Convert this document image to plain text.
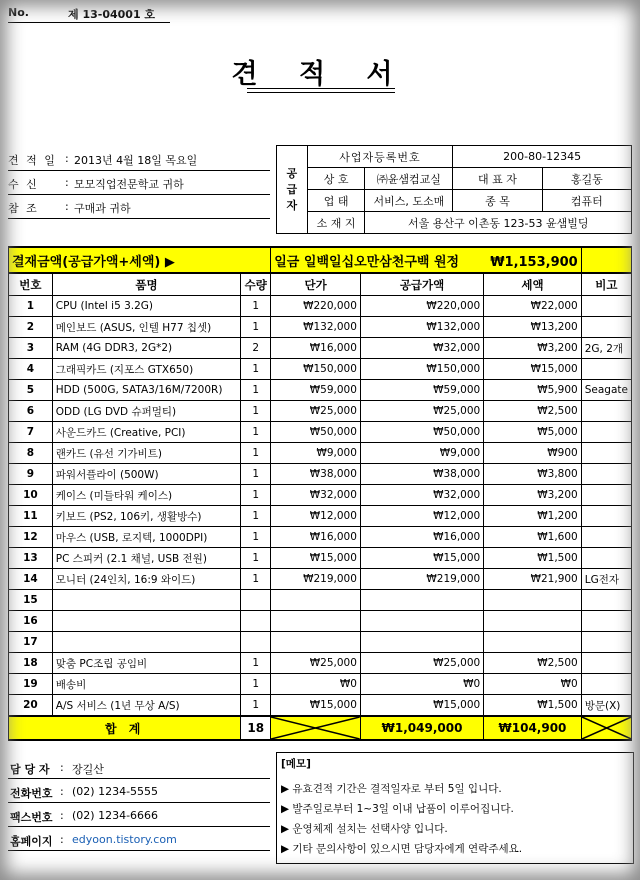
No.	제 13-04001 호
견 적 서
견 적 일 : 2013년 4월 18일 목요일
수 신	: 모모직업전문학교 귀하
참 조	: 구매과 귀하
공
급
자	사업자등록번호		200-80-12345	
	상 호	㈜윤샘컴교실	대 표 자	홍길동
	업 태	서비스, 도소매	종 목	컴퓨터
	소 재 지	서울 용산구 이촌동 123-53 윤샘빌딩		
결재금액(공급가액+세액) ▶			일금 일백일십오만삼천구백 원정 ₩1,153,900			
번호	품명	수량	단가	공급가액	세액	비고
1	CPU (Intel i5 3.2G)	1	₩220,000	₩220,000	₩22,000	
2	메인보드 (ASUS, 인텔 H77 칩셋)	1	₩132,000	₩132,000	₩13,200	
3	RAM (4G DDR3, 2G*2)	2	₩16,000	₩32,000	₩3,200	2G, 2개
4	그래픽카드 (지포스 GTX650)	1	₩150,000	₩150,000	₩15,000	
5	HDD (500G, SATA3/16M/7200R)	1	₩59,000	₩59,000	₩5,900	Seagate
6	ODD (LG DVD 슈퍼멀티)	1	₩25,000	₩25,000	₩2,500	
7	사운드카드 (Creative, PCI)	1	₩50,000	₩50,000	₩5,000	
8	랜카드 (유선 기가비트)	1	₩9,000	₩9,000	₩900	
9	파워서플라이 (500W)	1	₩38,000	₩38,000	₩3,800	
10	케이스 (미들타워 케이스)	1	₩32,000	₩32,000	₩3,200	
11	키보드 (PS2, 106키, 생활방수)	1	₩12,000	₩12,000	₩1,200	
12	마우스 (USB, 로지텍, 1000DPI)	1	₩16,000	₩16,000	₩1,600	
13	PC 스피커 (2.1 채널, USB 전원)	1	₩15,000	₩15,000	₩1,500	
14	모니터 (24인치, 16:9 와이드)	1	₩219,000	₩219,000	₩21,900	LG전자
15						
16						
17						
18	맞춤 PC조립 공임비	1	₩25,000	₩25,000	₩2,500	
19	배송비	1	₩0	₩0	₩0	
20	A/S 서비스 (1년 무상 A/S)	1	₩15,000	₩15,000	₩1,500	방문(X)
합 계		18		₩1,049,000	₩104,900	
담 당 자 : 장길산
전화번호 : (02) 1234-5555
팩스번호 : (02) 1234-6666
홈페이지 : edyoon.tistory.com
[메모]
▶ 유효견적 기간은 결적일자로 부터 5일 입니다.
▶ 발주일로부터 1~3일 이내 납품이 이루어집니다.
▶ 운영체제 설치는 선택사양 입니다.
▶ 기타 문의사항이 있으시면 담당자에게 연락주세요.
